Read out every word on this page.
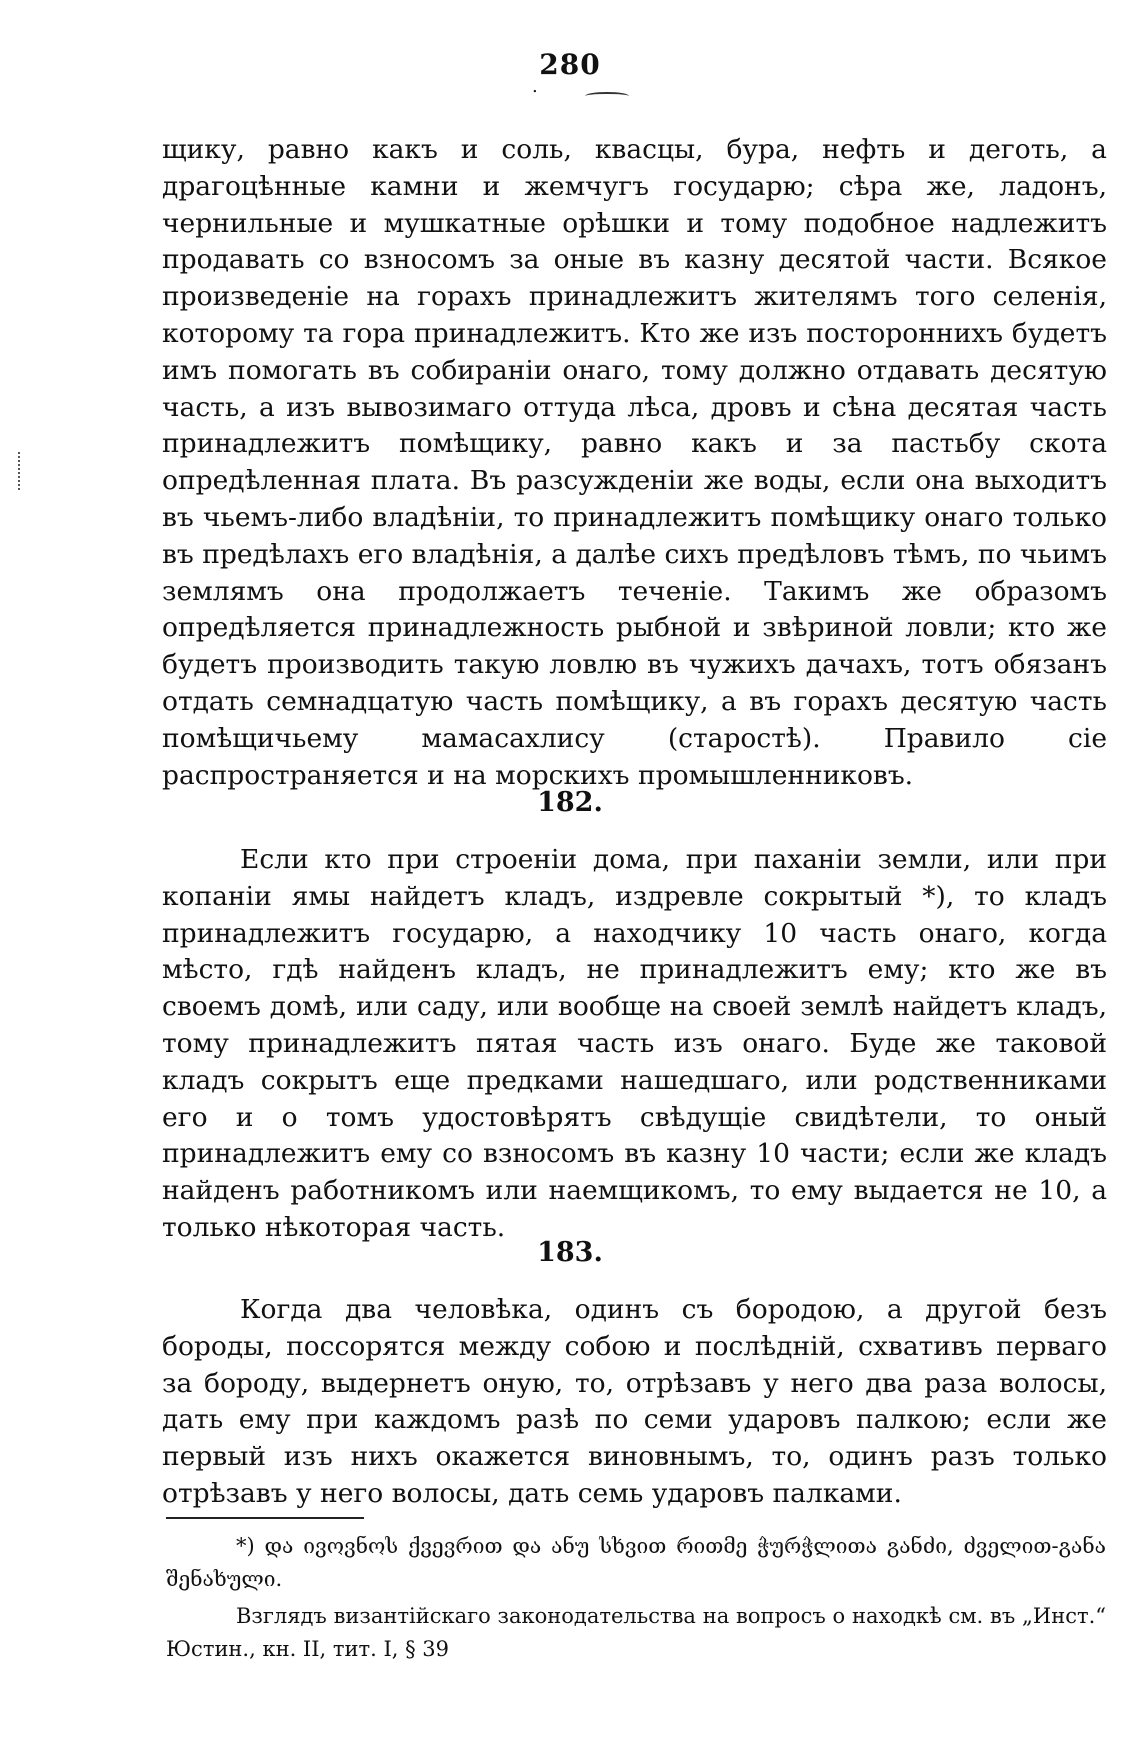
.
280
щику, равно какъ и соль, квасцы, бура, нефть и деготь, а драгоцѣнные камни и жемчугъ государю; сѣра же, ладонъ, чернильные и мушкатные орѣшки и тому подобное надлежитъ продавать со взносомъ за оные въ казну десятой части. Всякое произведеніе на горахъ принадлежитъ жителямъ того селенія, которому та гора принадлежитъ. Кто же изъ посторонниxъ будетъ имъ помогать въ собираніи онаго, тому должно отдавать десятую часть, а изъ вывозимаго оттуда лѣса, дровъ и сѣна десятая часть принадлежитъ помѣщику, равно какъ и за пастьбу скота опредѣленная плата. Въ разсужденіи же воды, если она выходитъ въ чьемъ-либо владѣніи, то принадлежитъ помѣщику онаго только въ предѣлахъ его владѣнія, а далѣе сихъ предѣловъ тѣмъ, по чьимъ землямъ она продолжаетъ теченіе. Такимъ же образомъ опредѣляется принадлежность рыбной и звѣриной ловли; кто же будетъ производить такую ловлю въ чужихъ дачахъ, тотъ обязанъ отдать семнадцатую часть помѣщику, а въ горахъ десятую часть помѣщичьему мамасахлису (старостѣ). Правило сіе распространяется и на морскихъ промышленниковъ.
182.
Если кто при строеніи дома, при паханіи земли, или при копаніи ямы найдетъ кладъ, издревле сокрытый *), то кладъ принадлежитъ государю, а находчику 10 часть онаго, когда мѣсто, гдѣ найденъ кладъ, не принадлежитъ ему; кто же въ своемъ домѣ, или саду, или вообще на своей землѣ найдетъ кладъ, тому принадлежитъ пятая часть изъ онаго. Буде же таковой кладъ сокрытъ еще предками нашедшаго, или родственниками его и о томъ удостовѣрятъ свѣдущіе свидѣтели, то оный принадлежитъ ему со взносомъ въ казну 10 части; если же кладъ найденъ работникомъ или наемщикомъ, то ему выдается не 10, а только нѣкоторая часть.
183.
Когда два человѣка, одинъ съ бородою, а другой безъ бороды, поссорятся между собою и послѣдній, схвативъ перваго за бороду, выдернетъ оную, то, отрѣзавъ у него два раза волосы, дать ему при каждомъ разѣ по семи ударовъ палкою; если же первый изъ нихъ окажется виновнымъ, то, одинъ разъ только отрѣзавъ у него волосы, дать семь ударовъ палками.
*) და ივოვნოს ქვევრით და ანუ სხვით რითმე ჭურჭლითა განძი, ძველით-განა შენახული.
Взглядъ византійскаго законодательства на вопросъ о находкѣ см. въ „Инст.“ Юстин., кн. II, тит. I, § 39
